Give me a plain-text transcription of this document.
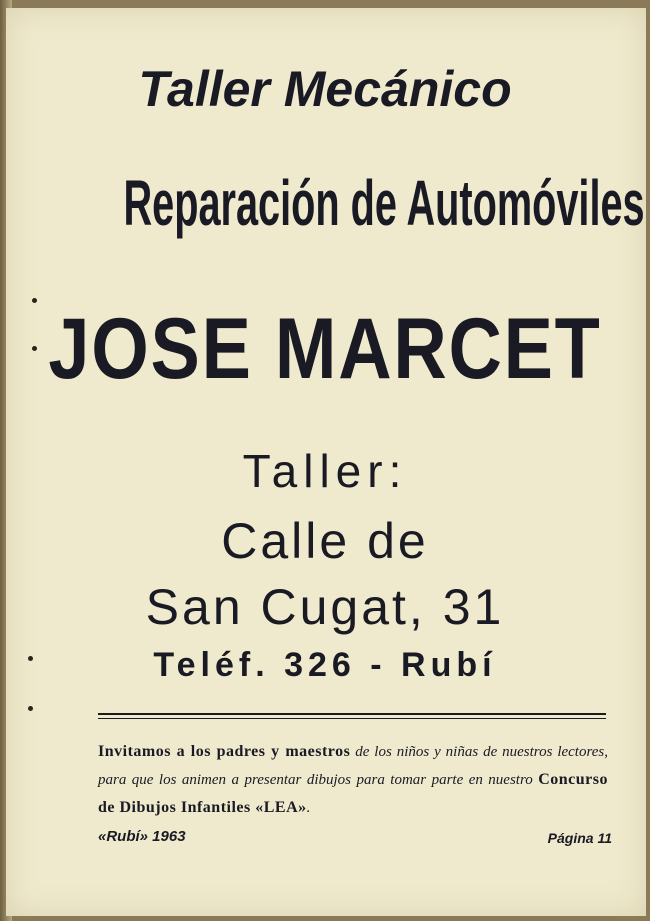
Taller Mecánico

Reparación de Automóviles

JOSE MARCET

Taller:

Calle de

San Cugat, 31

Teléf. 326 - Rubí

Invitamos a los padres y maestros de los niños y niñas de nuestros lectores, para que los animen a presentar dibujos para tomar parte en nuestro Concurso de Dibujos Infantiles «LEA».

«Rubí» 1963	Página 11
